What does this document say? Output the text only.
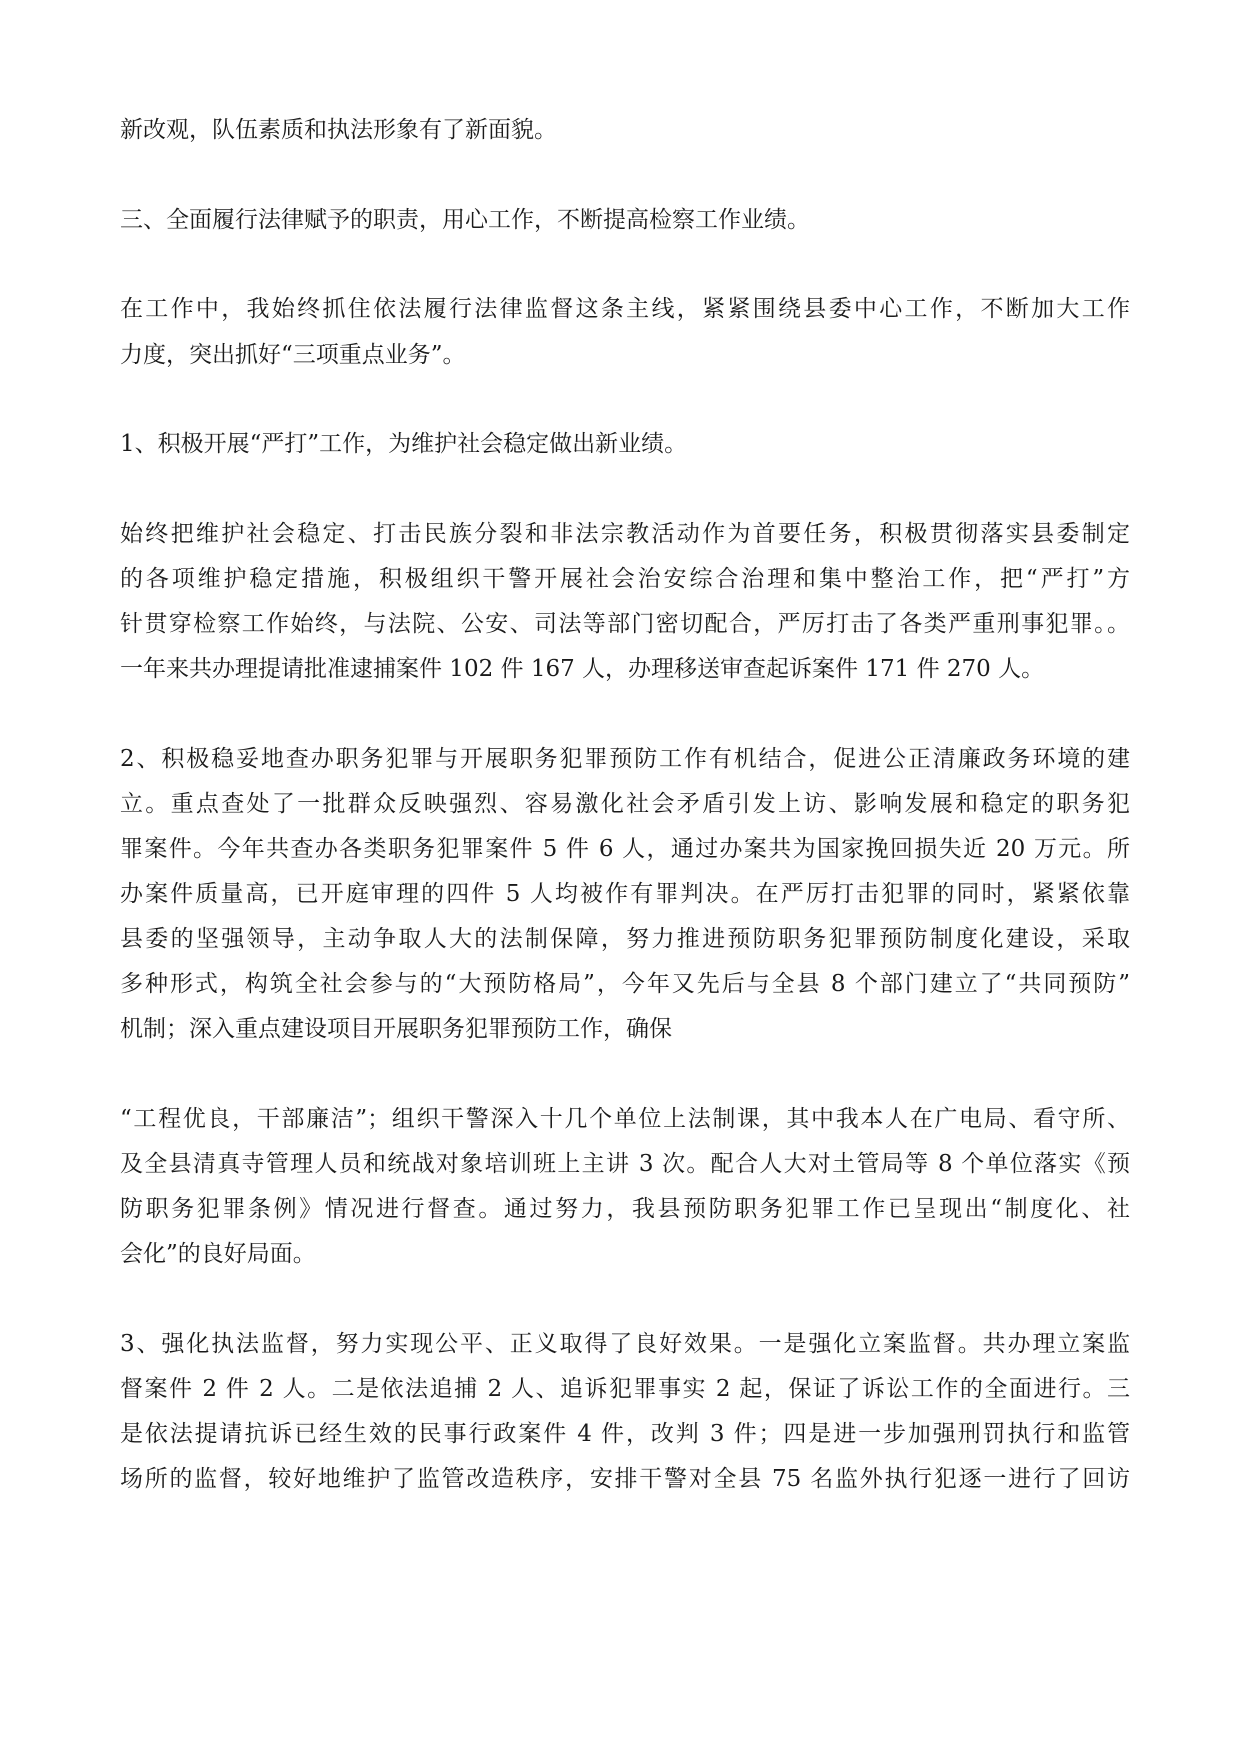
新改观，队伍素质和执法形象有了新面貌。
三、全面履行法律赋予的职责，用心工作，不断提高检察工作业绩。
在工作中，我始终抓住依法履行法律监督这条主线，紧紧围绕县委中心工作，不断加大工作
力度，突出抓好“三项重点业务”。
1、积极开展“严打”工作，为维护社会稳定做出新业绩。
始终把维护社会稳定、打击民族分裂和非法宗教活动作为首要任务，积极贯彻落实县委制定
的各项维护稳定措施，积极组织干警开展社会治安综合治理和集中整治工作，把“严打”方
针贯穿检察工作始终，与法院、公安、司法等部门密切配合，严厉打击了各类严重刑事犯罪。。
一年来共办理提请批准逮捕案件 102 件 167 人，办理移送审查起诉案件 171 件 270 人。
2、积极稳妥地查办职务犯罪与开展职务犯罪预防工作有机结合，促进公正清廉政务环境的建
立。重点查处了一批群众反映强烈、容易激化社会矛盾引发上访、影响发展和稳定的职务犯
罪案件。今年共查办各类职务犯罪案件 5 件 6 人，通过办案共为国家挽回损失近 20 万元。所
办案件质量高，已开庭审理的四件 5 人均被作有罪判决。在严厉打击犯罪的同时，紧紧依靠
县委的坚强领导，主动争取人大的法制保障，努力推进预防职务犯罪预防制度化建设，采取
多种形式，构筑全社会参与的“大预防格局”，今年又先后与全县 8 个部门建立了“共同预防”
机制；深入重点建设项目开展职务犯罪预防工作，确保
“工程优良，干部廉洁”；组织干警深入十几个单位上法制课，其中我本人在广电局、看守所、
及全县清真寺管理人员和统战对象培训班上主讲 3 次。配合人大对土管局等 8 个单位落实《预
防职务犯罪条例》情况进行督查。通过努力，我县预防职务犯罪工作已呈现出“制度化、社
会化”的良好局面。
3、强化执法监督，努力实现公平、正义取得了良好效果。一是强化立案监督。共办理立案监
督案件 2 件 2 人。二是依法追捕 2 人、追诉犯罪事实 2 起，保证了诉讼工作的全面进行。三
是依法提请抗诉已经生效的民事行政案件 4 件，改判 3 件；四是进一步加强刑罚执行和监管
场所的监督，较好地维护了监管改造秩序，安排干警对全县 75 名监外执行犯逐一进行了回访
